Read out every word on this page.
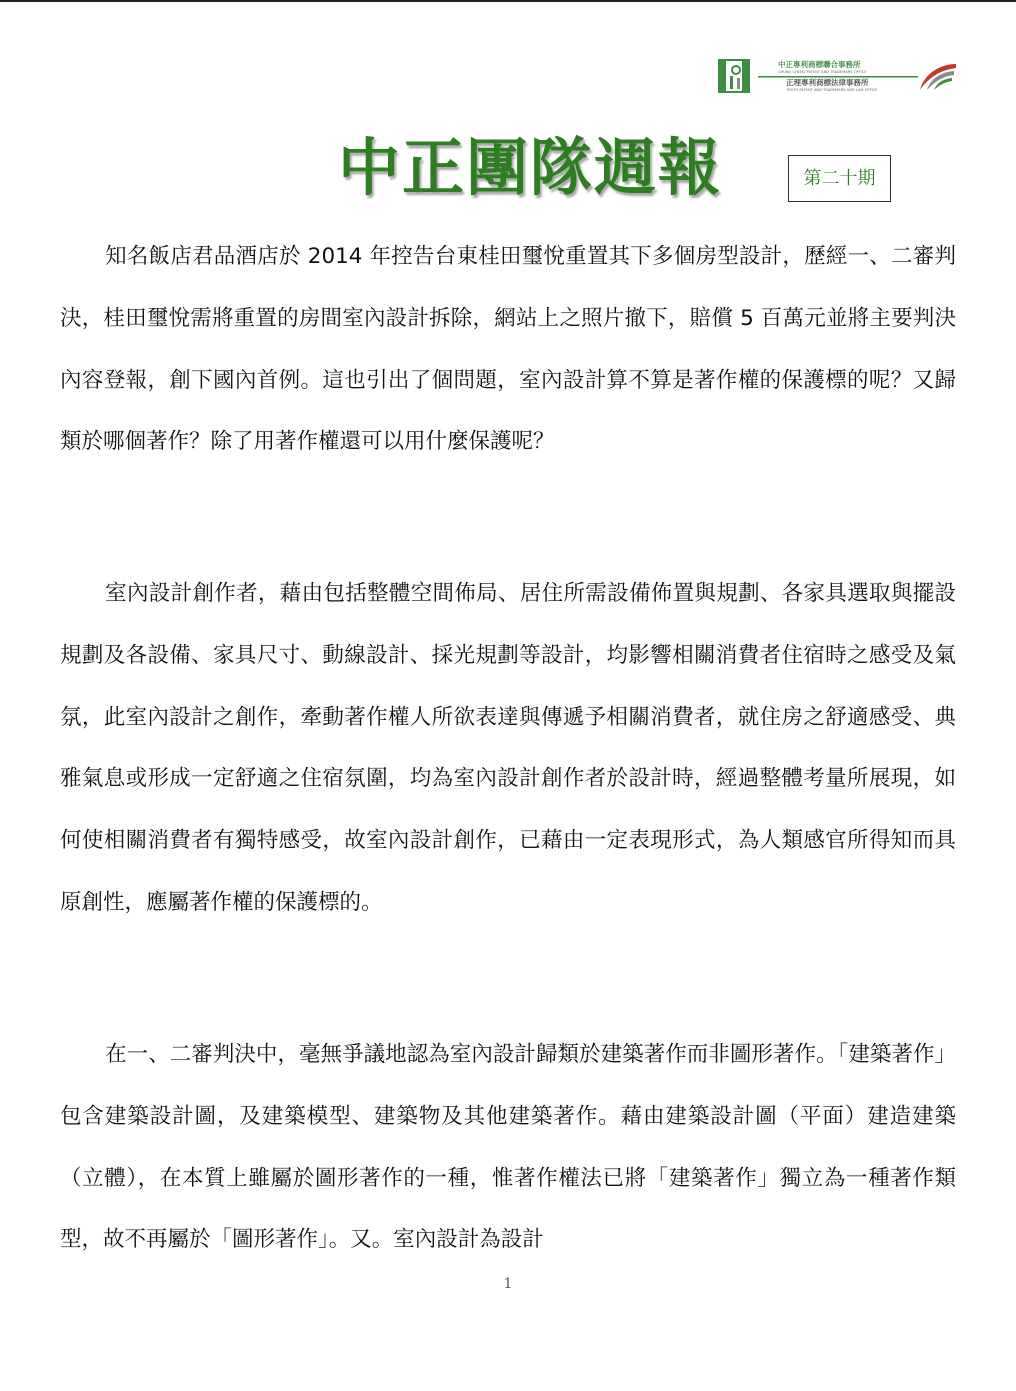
中正專利商標聯合事務所
CHUNG CHENG PATENT AND TRADEMARK OFFICE
正理專利商標法律事務所
TRUTH PATENT AND TRADEMARK AND LAW OFFICE
中正團隊週報	第二十期

知名飯店君品酒店於 2014 年控告台東桂田璽悅重置其下多個房型設計，歷經一、二審判決，桂田璽悅需將重置的房間室內設計拆除，網站上之照片撤下，賠償 5 百萬元並將主要判決內容登報，創下國內首例。這也引出了個問題，室內設計算不算是著作權的保護標的呢？又歸類於哪個著作？除了用著作權還可以用什麼保護呢？

室內設計創作者，藉由包括整體空間佈局、居住所需設備佈置與規劃、各家具選取與擺設規劃及各設備、家具尺寸、動線設計、採光規劃等設計，均影響相關消費者住宿時之感受及氣氛，此室內設計之創作，牽動著作權人所欲表達與傳遞予相關消費者，就住房之舒適感受、典雅氣息或形成一定舒適之住宿氛圍，均為室內設計創作者於設計時，經過整體考量所展現，如何使相關消費者有獨特感受，故室內設計創作，已藉由一定表現形式，為人類感官所得知而具原創性，應屬著作權的保護標的。

在一、二審判決中，毫無爭議地認為室內設計歸類於建築著作而非圖形著作。「建築著作」包含建築設計圖，及建築模型、建築物及其他建築著作。藉由建築設計圖（平面）建造建築（立體），在本質上雖屬於圖形著作的一種，惟著作權法已將「建築著作」獨立為一種著作類型，故不再屬於「圖形著作」。又。室內設計為設計

1
